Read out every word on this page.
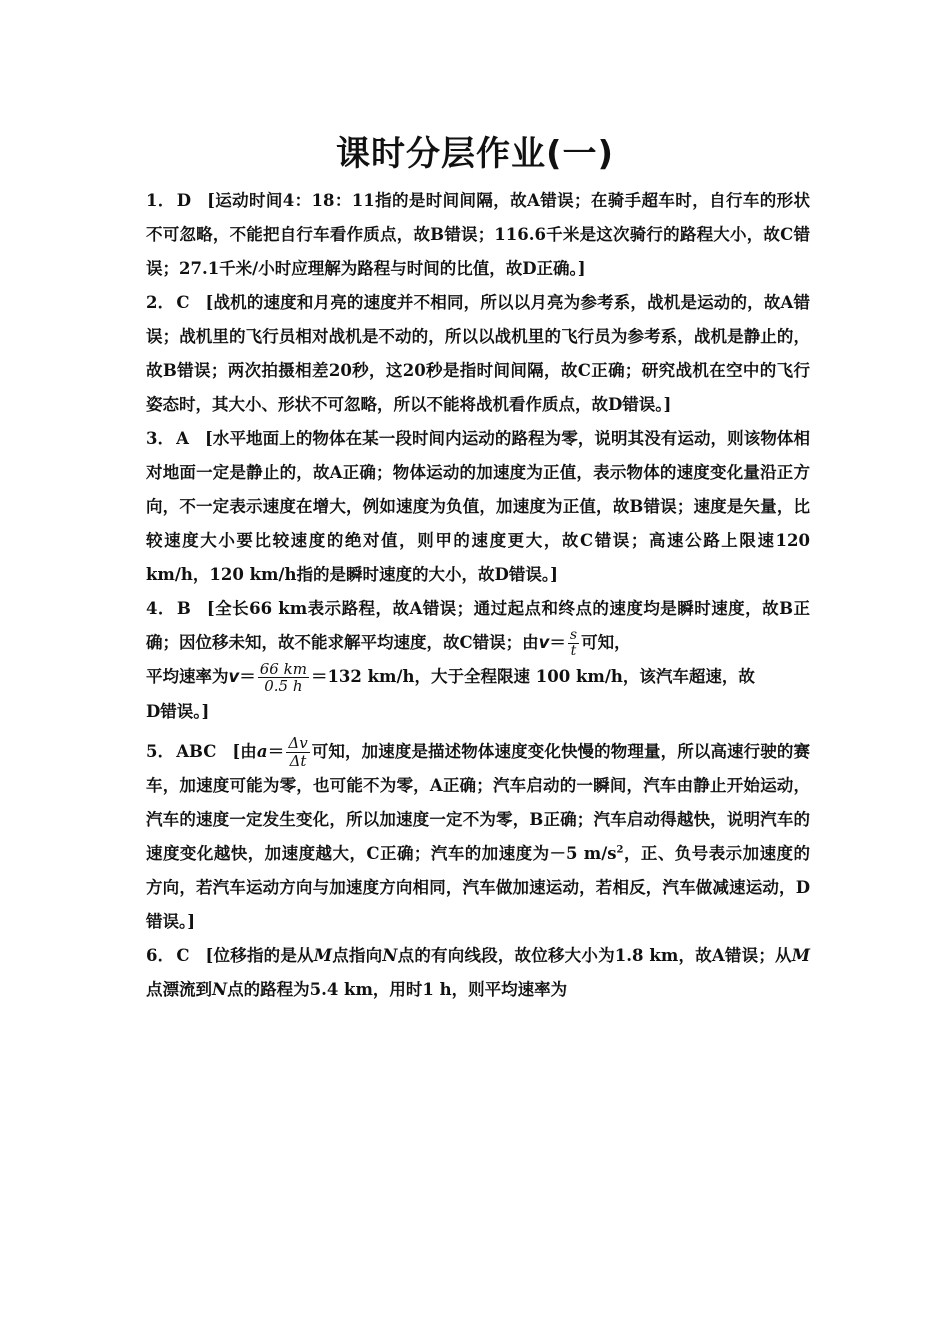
课时分层作业(一)

1． D [运动时间4：18：11指的是时间间隔，故A错误；在骑手超车时，自行车的形状不可忽略，不能把自行车看作质点，故B错误；116.6千米是这次骑行的路程大小，故C错误；27.1千米/小时应理解为路程与时间的比值，故D正确。]

2． C [战机的速度和月亮的速度并不相同，所以以月亮为参考系，战机是运动的，故A错误；战机里的飞行员相对战机是不动的，所以以战机里的飞行员为参考系，战机是静止的，故B错误；两次拍摄相差20秒，这20秒是指时间间隔，故C正确；研究战机在空中的飞行姿态时，其大小、形状不可忽略，所以不能将战机看作质点，故D错误。]

3． A [水平地面上的物体在某一段时间内运动的路程为零，说明其没有运动，则该物体相对地面一定是静止的，故A正确；物体运动的加速度为正值，表示物体的速度变化量沿正方向，不一定表示速度在增大，例如速度为负值，加速度为正值，故B错误；速度是矢量，比较速度大小要比较速度的绝对值，则甲的速度更大，故C错误；高速公路上限速120 km/h，120 km/h指的是瞬时速度的大小，故D错误。]

4． B [全长66 km表示路程，故A错误；通过起点和终点的速度均是瞬时速度，故B正确；因位移未知，故不能求解平均速度，故C错误；由$v= \frac{s}{t}$ 可知，
平均速率为$v= \frac{66 km}{0.5 h} =132$ km/h，大于全程限速 100 km/h，该汽车超速，故
D错误。]

5． ABC [由$a= \frac{\Delta v}{\Delta t}$ 可知，加速度是描述物体速度变化快慢的物理量，所以高速行驶的赛车，加速度可能为零，也可能不为零，A正确；汽车启动的一瞬间，汽车由静止开始运动，汽车的速度一定发生变化，所以加速度一定不为零，B正确；汽车启动得越快，说明汽车的速度变化越快，加速度越大，C正确；汽车的加速度为－5 $m/s^2$，正、负号表示加速度的方向，若汽车运动方向与加速度方向相同，汽车做加速运动，若相反，汽车做减速运动，D错误。]

6． C [位移指的是从M点指向N点的有向线段，故位移大小为1.8 km，故A错误；从M点漂流到N点的路程为5.4 km，用时1 h，则平均速率为
